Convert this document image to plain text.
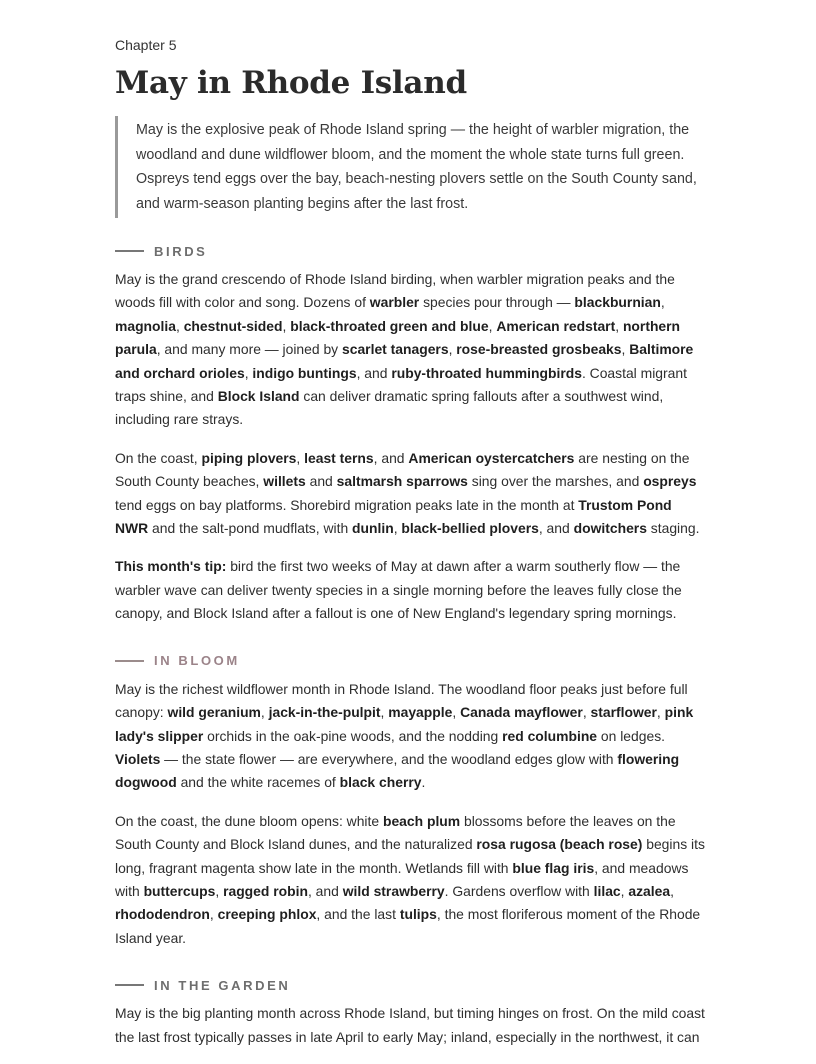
Chapter 5
May in Rhode Island
May is the explosive peak of Rhode Island spring — the height of warbler migration, the woodland and dune wildflower bloom, and the moment the whole state turns full green. Ospreys tend eggs over the bay, beach-nesting plovers settle on the South County sand, and warm-season planting begins after the last frost.
BIRDS

May is the grand crescendo of Rhode Island birding, when warbler migration peaks and the woods fill with color and song. Dozens of warbler species pour through — blackburnian, magnolia, chestnut-sided, black-throated green and blue, American redstart, northern parula, and many more — joined by scarlet tanagers, rose-breasted grosbeaks, Baltimore and orchard orioles, indigo buntings, and ruby-throated hummingbirds. Coastal migrant traps shine, and Block Island can deliver dramatic spring fallouts after a southwest wind, including rare strays.

On the coast, piping plovers, least terns, and American oystercatchers are nesting on the South County beaches, willets and saltmarsh sparrows sing over the marshes, and ospreys tend eggs on bay platforms. Shorebird migration peaks late in the month at Trustom Pond NWR and the salt-pond mudflats, with dunlin, black-bellied plovers, and dowitchers staging.

This month's tip: bird the first two weeks of May at dawn after a warm southerly flow — the warbler wave can deliver twenty species in a single morning before the leaves fully close the canopy, and Block Island after a fallout is one of New England's legendary spring mornings.

IN BLOOM

May is the richest wildflower month in Rhode Island. The woodland floor peaks just before full canopy: wild geranium, jack-in-the-pulpit, mayapple, Canada mayflower, starflower, pink lady's slipper orchids in the oak-pine woods, and the nodding red columbine on ledges. Violets — the state flower — are everywhere, and the woodland edges glow with flowering dogwood and the white racemes of black cherry.

On the coast, the dune bloom opens: white beach plum blossoms before the leaves on the South County and Block Island dunes, and the naturalized rosa rugosa (beach rose) begins its long, fragrant magenta show late in the month. Wetlands fill with blue flag iris, and meadows with buttercups, ragged robin, and wild strawberry. Gardens overflow with lilac, azalea, rhododendron, creeping phlox, and the last tulips, the most floriferous moment of the Rhode Island year.

IN THE GARDEN

May is the big planting month across Rhode Island, but timing hinges on frost. On the mild coast the last frost typically passes in late April to early May; inland, especially in the northwest, it can
